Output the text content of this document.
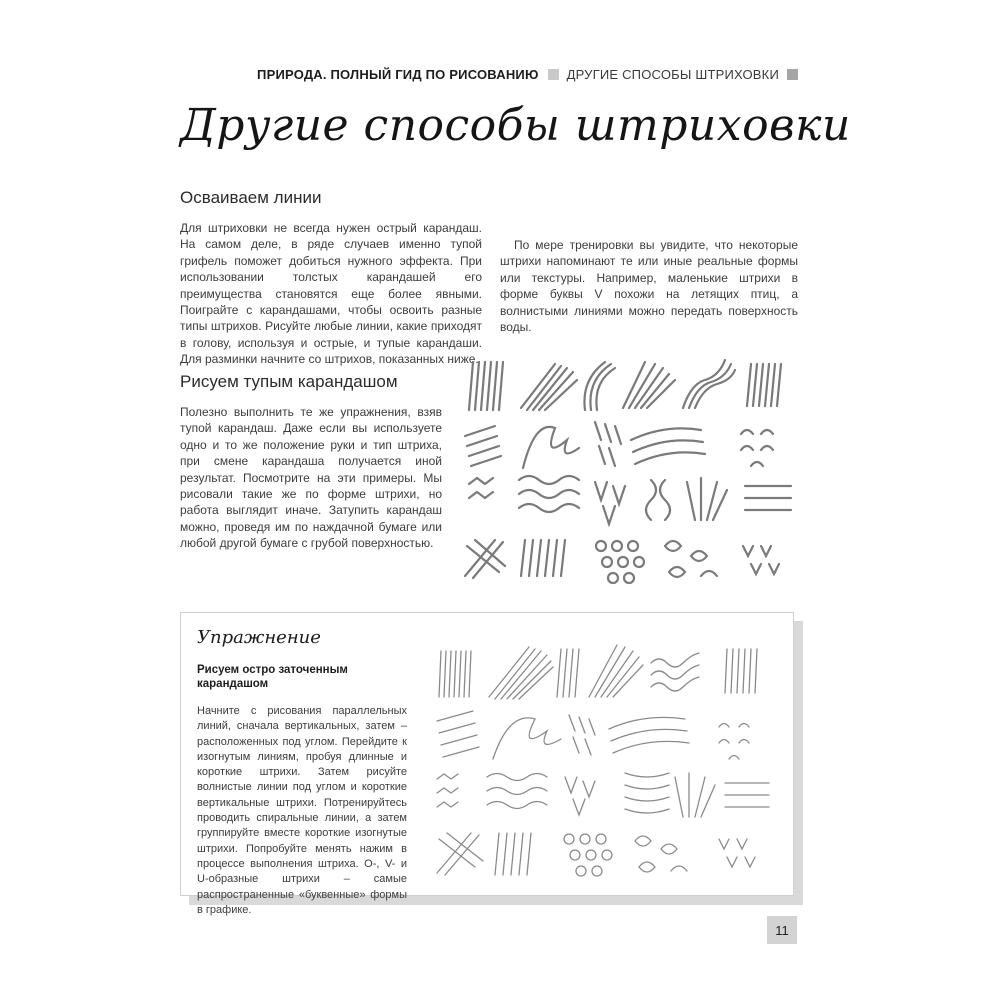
ПРИРОДА. ПОЛНЫЙ ГИД ПО РИСОВАНИЮ ДРУГИЕ СПОСОБЫ ШТРИХОВКИ
Другие способы штриховки
Осваиваем линии

Для штриховки не всегда нужен острый карандаш. На самом деле, в ряде случаев именно тупой грифель поможет добиться нужного эффекта. При использовании толстых карандашей его преимущества становятся еще более явными. Поиграйте с карандашами, чтобы освоить разные типы штрихов. Рисуйте любые линии, какие приходят в голову, используя и острые, и тупые карандаши. Для разминки начните со штрихов, показанных ниже.

По мере тренировки вы увидите, что некоторые штрихи напоминают те или иные реальные формы или текстуры. Например, маленькие штрихи в форме буквы V похожи на летящих птиц, а волнистыми линиями можно передать поверхность воды.

Рисуем тупым карандашом

Полезно выполнить те же упражнения, взяв тупой карандаш. Даже если вы используете одно и то же положение руки и тип штриха, при смене карандаша получается иной результат. Посмотрите на эти примеры. Мы рисовали такие же по форме штрихи, но работа выглядит иначе. Затупить карандаш можно, проведя им по наждачной бумаге или любой другой бумаге с грубой поверхностью.

Упражнение

Рисуем остро заточенным карандашом

Начните с рисования параллельных линий, сначала вертикальных, затем – расположенных под углом. Перейдите к изогнутым линиям, пробуя длинные и короткие штрихи. Затем рисуйте волнистые линии под углом и короткие вертикальные штрихи. Потренируйтесь проводить спиральные линии, а затем группируйте вместе короткие изогнутые штрихи. Попробуйте менять нажим в процессе выполнения штриха. О-, V- и U-образные штрихи – самые распространенные «буквенные» формы в графике.

11
